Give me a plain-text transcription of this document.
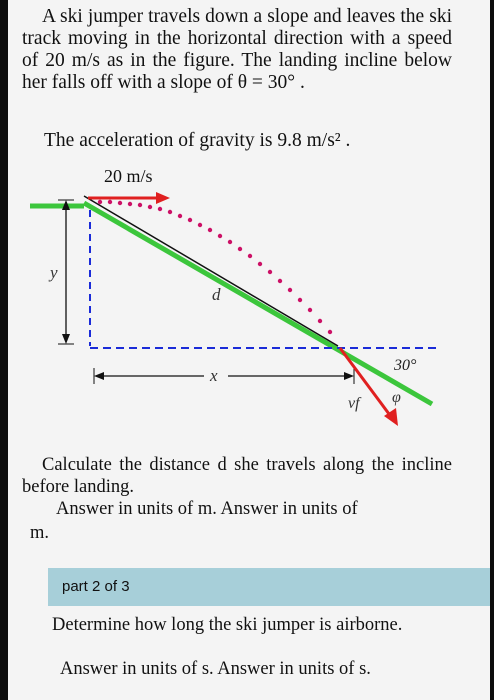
A ski jumper travels down a slope and leaves the ski track moving in the horizontal direction with a speed of 20 m/s as in the figure. The landing incline below her falls off with a slope of θ = 30° .
The acceleration of gravity is 9.8 m/s² .
20 m/s
y
d
x
30°
vf φ
Calculate the distance d she travels along the incline before landing.
Answer in units of m. Answer in units of
m.
part 2 of 3
Determine how long the ski jumper is airborne.
Answer in units of s. Answer in units of s.
